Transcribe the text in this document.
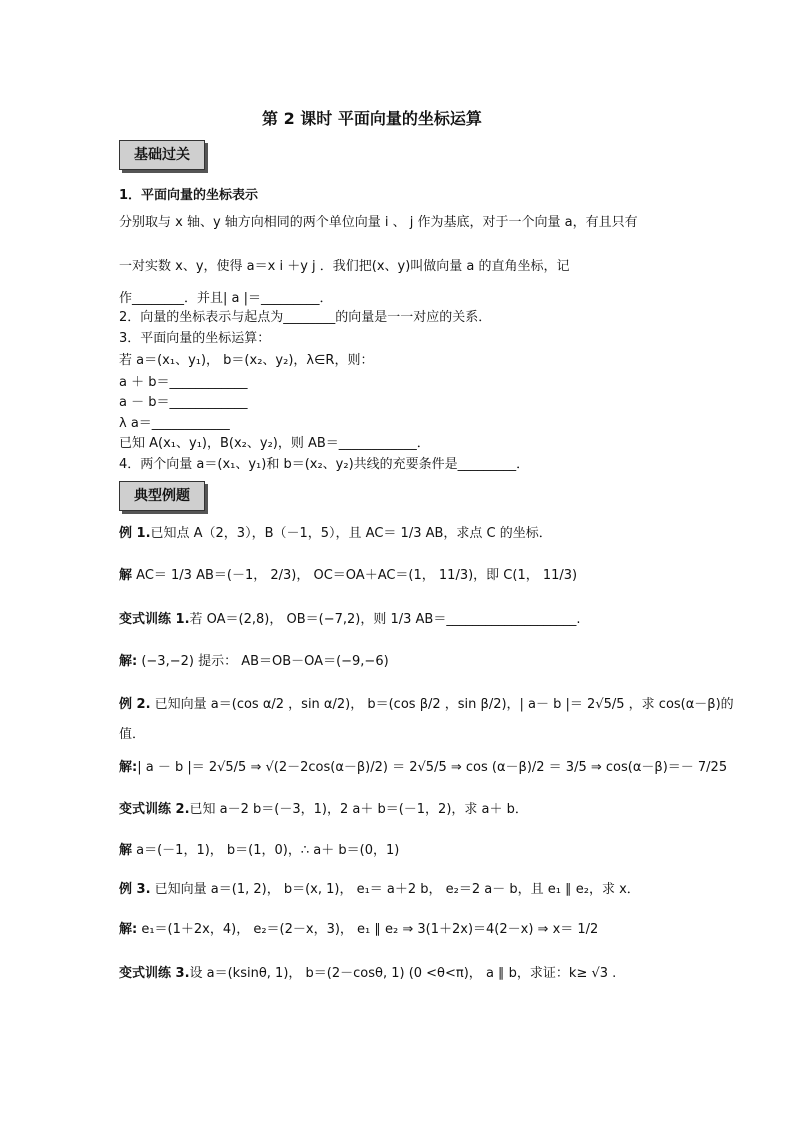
第 2 课时 平面向量的坐标运算
基础过关
1．平面向量的坐标表示
分别取与 x 轴、y 轴方向相同的两个单位向量 i 、 j 作为基底，对于一个向量 a，有且只有
一对实数 x、y，使得 a＝x i ＋y j ．我们把(x、y)叫做向量 a 的直角坐标，记
作________．并且| a |＝_________．
2．向量的坐标表示与起点为________的向量是一一对应的关系．
3．平面向量的坐标运算：
若 a＝(x₁、y₁)， b＝(x₂、y₂)，λ∈R，则：
a ＋ b＝____________
a － b＝____________
λ a＝____________
已知 A(x₁、y₁)，B(x₂、y₂)，则 AB＝____________．
4．两个向量 a＝(x₁、y₁)和 b＝(x₂、y₂)共线的充要条件是_________．
典型例题
例 1.已知点 A（2，3），B（－1，5），且 AC＝ 1/3 AB，求点 C 的坐标．
解 AC＝ 1/3 AB＝(－1， 2/3)， OC＝OA＋AC＝(1， 11/3)，即 C(1， 11/3)
变式训练 1.若 OA＝(2,8)， OB＝(−7,2)，则 1/3 AB＝____________________.
解: (−3,−2) 提示： AB＝OB－OA＝(−9,−6)
例 2. 已知向量 a＝(cos α/2 ，sin α/2)， b＝(cos β/2 ，sin β/2)，| a－ b |＝ 2√5/5 ，求 cos(α－β)的
值．
解:| a － b |＝ 2√5/5 ⇒ √(2－2cos(α－β)/2) ＝ 2√5/5 ⇒ cos (α－β)/2 ＝ 3/5 ⇒ cos(α－β)＝－ 7/25
变式训练 2.已知 a－2 b＝(－3，1)，2 a＋ b＝(－1，2)，求 a＋ b．
解 a＝(－1，1)， b＝(1，0)，∴ a＋ b＝(0，1)
例 3. 已知向量 a＝(1, 2)， b＝(x, 1)， e₁＝ a＋2 b， e₂＝2 a－ b，且 e₁ ∥ e₂，求 x．
解: e₁＝(1＋2x，4)， e₂＝(2－x，3)， e₁ ∥ e₂ ⇒ 3(1＋2x)＝4(2－x) ⇒ x＝ 1/2
变式训练 3.设 a＝(ksinθ, 1)， b＝(2－cosθ, 1) (0 <θ<π)， a ∥ b，求证：k≥ √3 .
